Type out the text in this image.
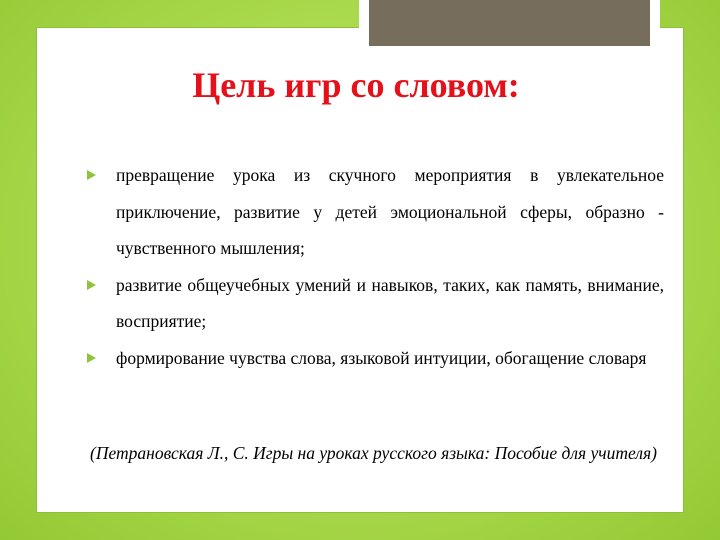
Цель игр со словом:
превращение урока из скучного мероприятия в увлекательное приключение, развитие у детей эмоциональной сферы, образно - чувственного мышления;
развитие общеучебных умений и навыков, таких, как память, внимание, восприятие;
формирование чувства слова, языковой интуиции, обогащение словаря
(Петрановская Л., С. Игры на уроках русского языка: Пособие для учителя)
